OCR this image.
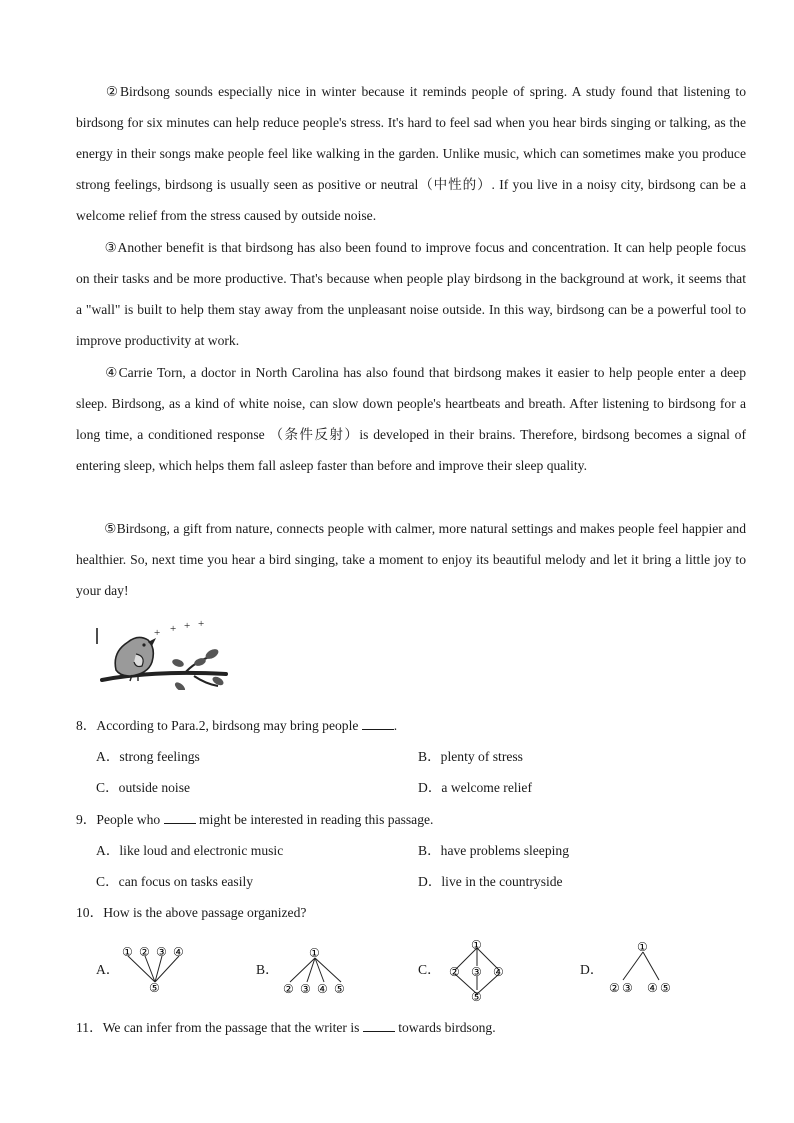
②Birdsong sounds especially nice in winter because it reminds people of spring. A study found that listening to birdsong for six minutes can help reduce people's stress. It's hard to feel sad when you hear birds singing or talking, as the energy in their songs make people feel like walking in the garden. Unlike music, which can sometimes make you produce strong feelings, birdsong is usually seen as positive or neutral（中性的）. If you live in a noisy city, birdsong can be a welcome relief from the stress caused by outside noise.

③Another benefit is that birdsong has also been found to improve focus and concentration. It can help people focus on their tasks and be more productive. That's because when people play birdsong in the background at work, it seems that a "wall" is built to help them stay away from the unpleasant noise outside. In this way, birdsong can be a powerful tool to improve productivity at work.

④Carrie Torn, a doctor in North Carolina has also found that birdsong makes it easier to help people enter a deep sleep. Birdsong, as a kind of white noise, can slow down people's heartbeats and breath. After listening to birdsong for a long time, a conditioned response （条件反射）is developed in their brains. Therefore, birdsong becomes a signal of entering sleep, which helps them fall asleep faster than before and improve their sleep quality.

⑤Birdsong, a gift from nature, connects people with calmer, more natural settings and makes people feel happier and healthier. So, next time you hear a bird singing, take a moment to enjoy its beautiful melody and let it bring a little joy to your day!

+ + + +
8．According to Para.2, birdsong may bring people .
A．strong feelings	B．plenty of stress
C．outside noise	D．a welcome relief
9．People who  might be interested in reading this passage.
A．like loud and electronic music	B．have problems sleeping
C．can focus on tasks easily	D．live in the countryside
10．How is the above passage organized?
A．
① ② ③ ④
⑤
B．
①
② ③ ④ ⑤
C．
①
② ③ ④
⑤
D．
①
② ③ ④ ⑤
11．We can infer from the passage that the writer is  towards birdsong.
